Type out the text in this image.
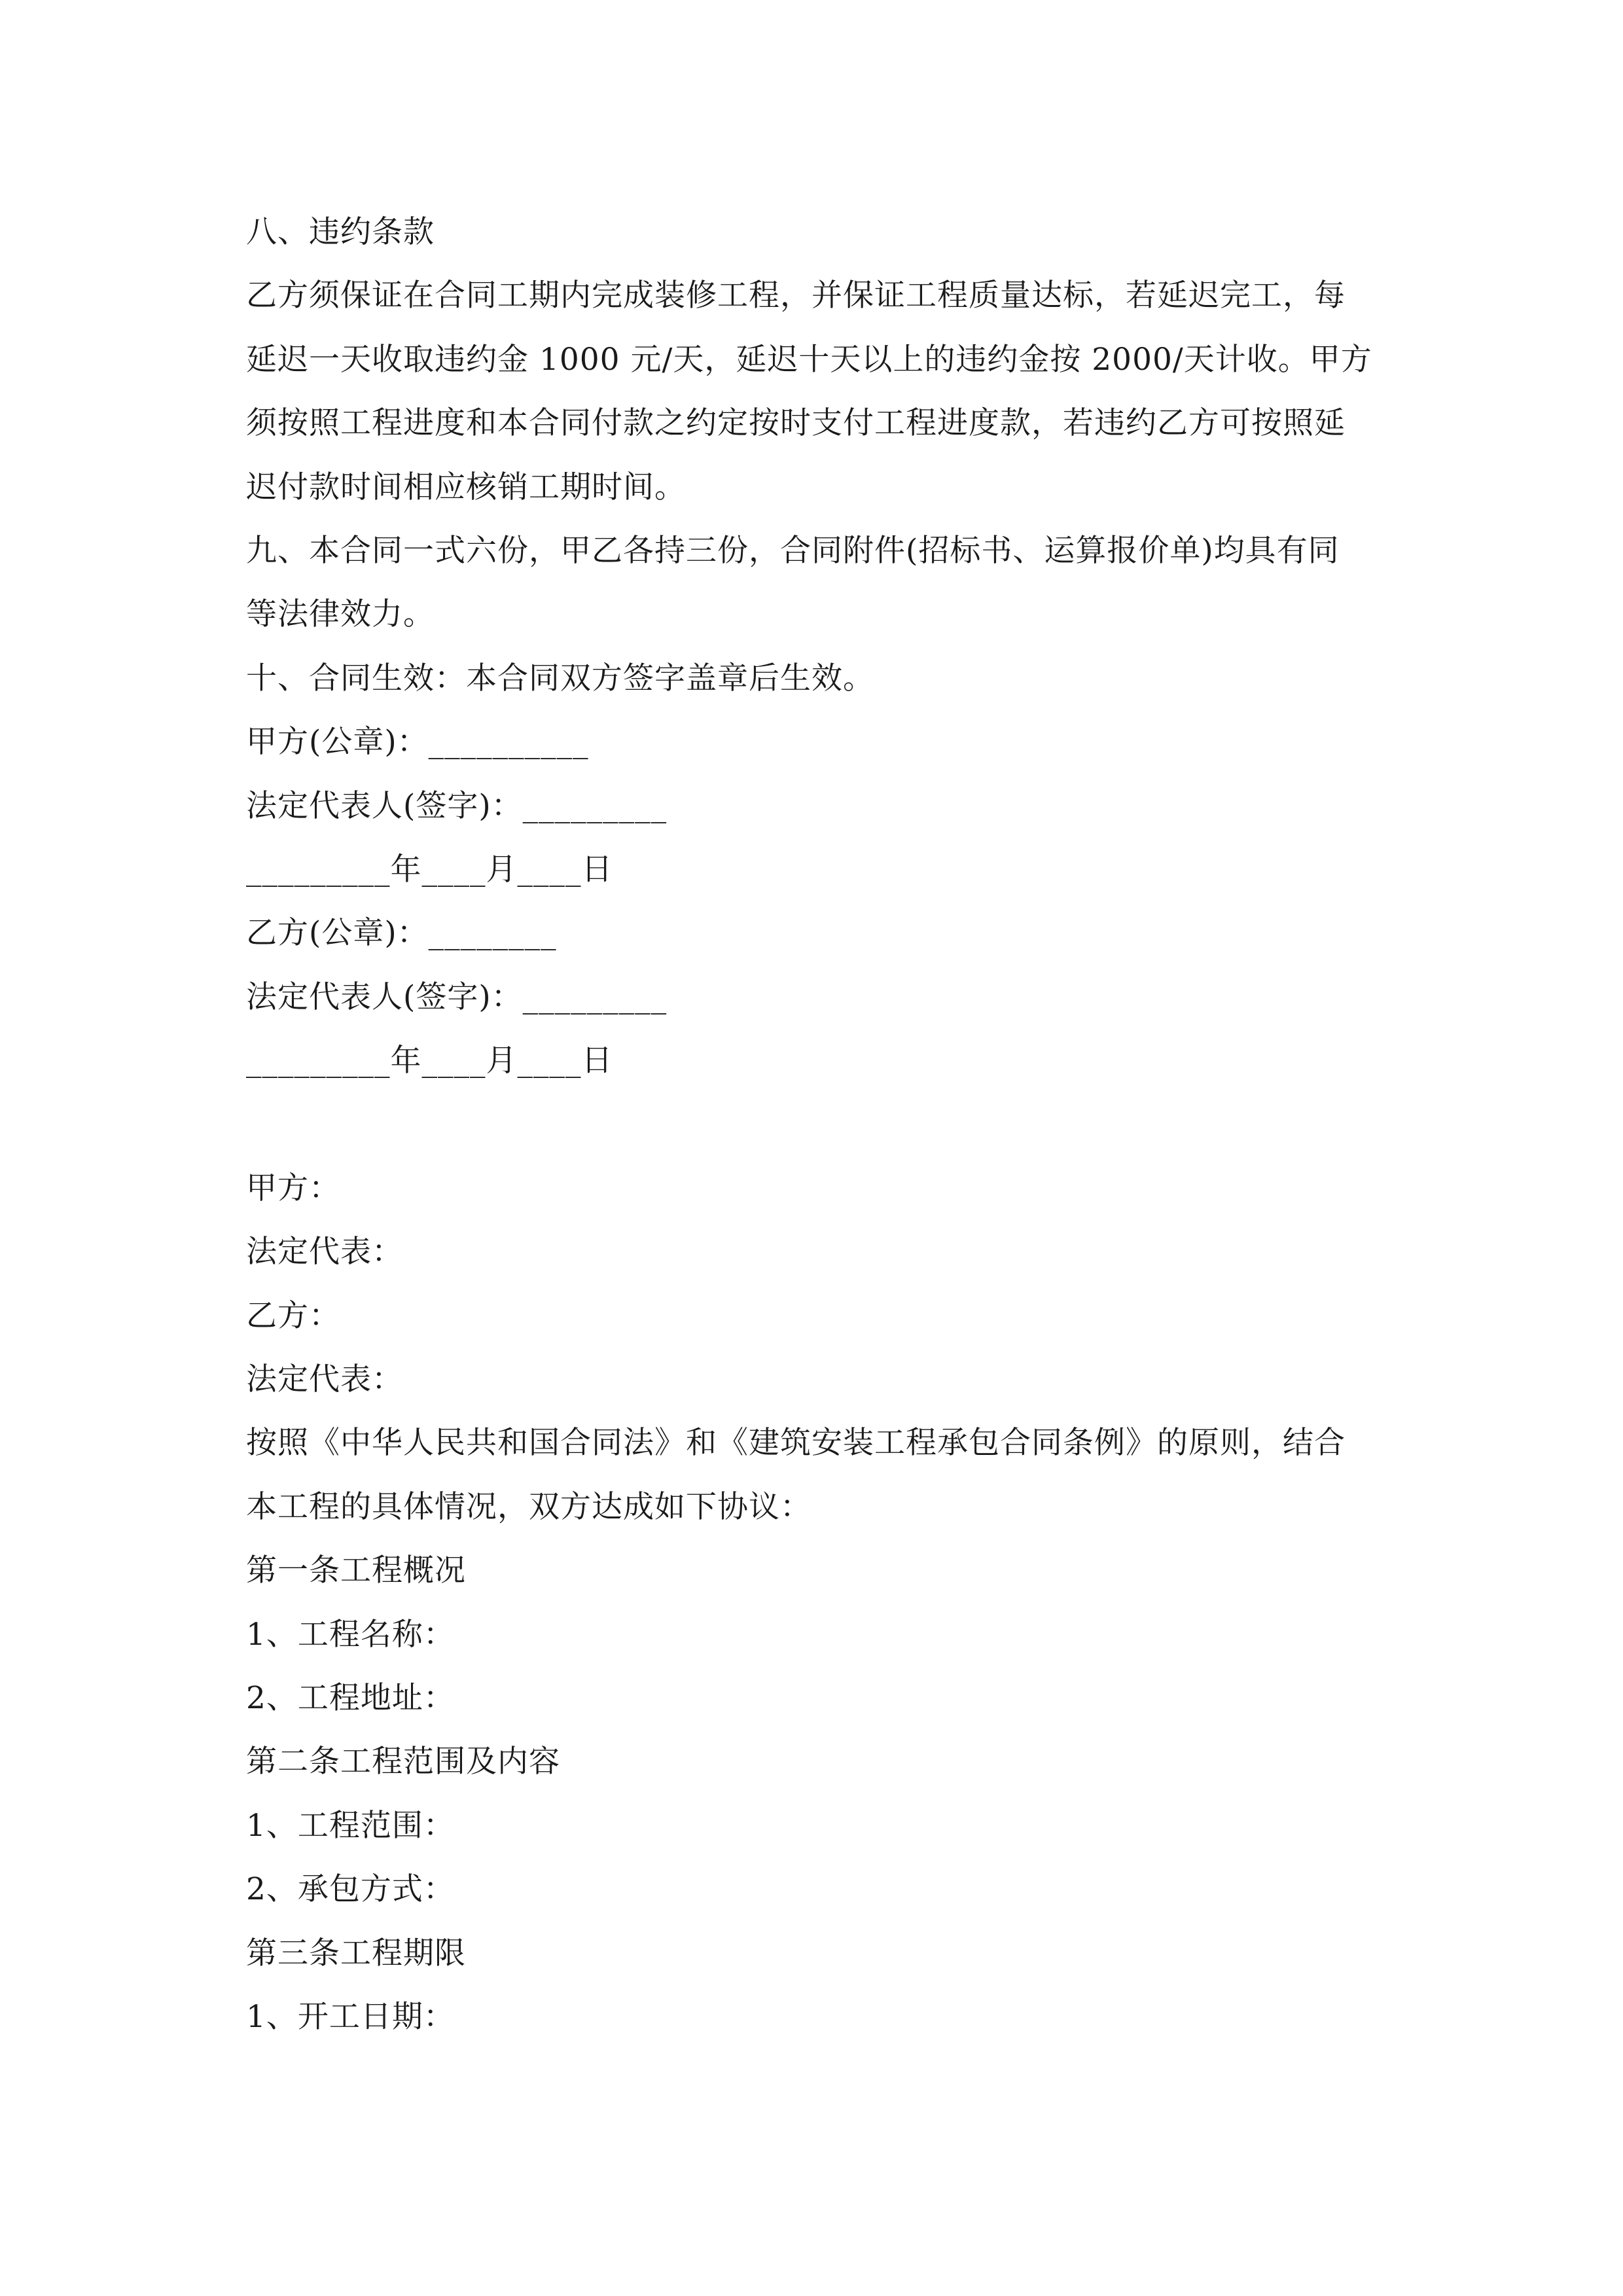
八、违约条款
乙方须保证在合同工期内完成装修工程，并保证工程质量达标，若延迟完工，每
延迟一天收取违约金 1000 元/天，延迟十天以上的违约金按 2000/天计收。甲方
须按照工程进度和本合同付款之约定按时支付工程进度款，若违约乙方可按照延
迟付款时间相应核销工期时间。
九、本合同一式六份，甲乙各持三份，合同附件(招标书、运算报价单)均具有同
等法律效力。
十、合同生效：本合同双方签字盖章后生效。
甲方(公章)：__________
法定代表人(签字)：_________
_________年____月____日
乙方(公章)：________
法定代表人(签字)：_________
_________年____月____日
甲方：
法定代表：
乙方：
法定代表：
按照《中华人民共和国合同法》和《建筑安装工程承包合同条例》的原则，结合
本工程的具体情况，双方达成如下协议：
第一条工程概况
1、工程名称：
2、工程地址：
第二条工程范围及内容
1、工程范围：
2、承包方式：
第三条工程期限
1、开工日期：
